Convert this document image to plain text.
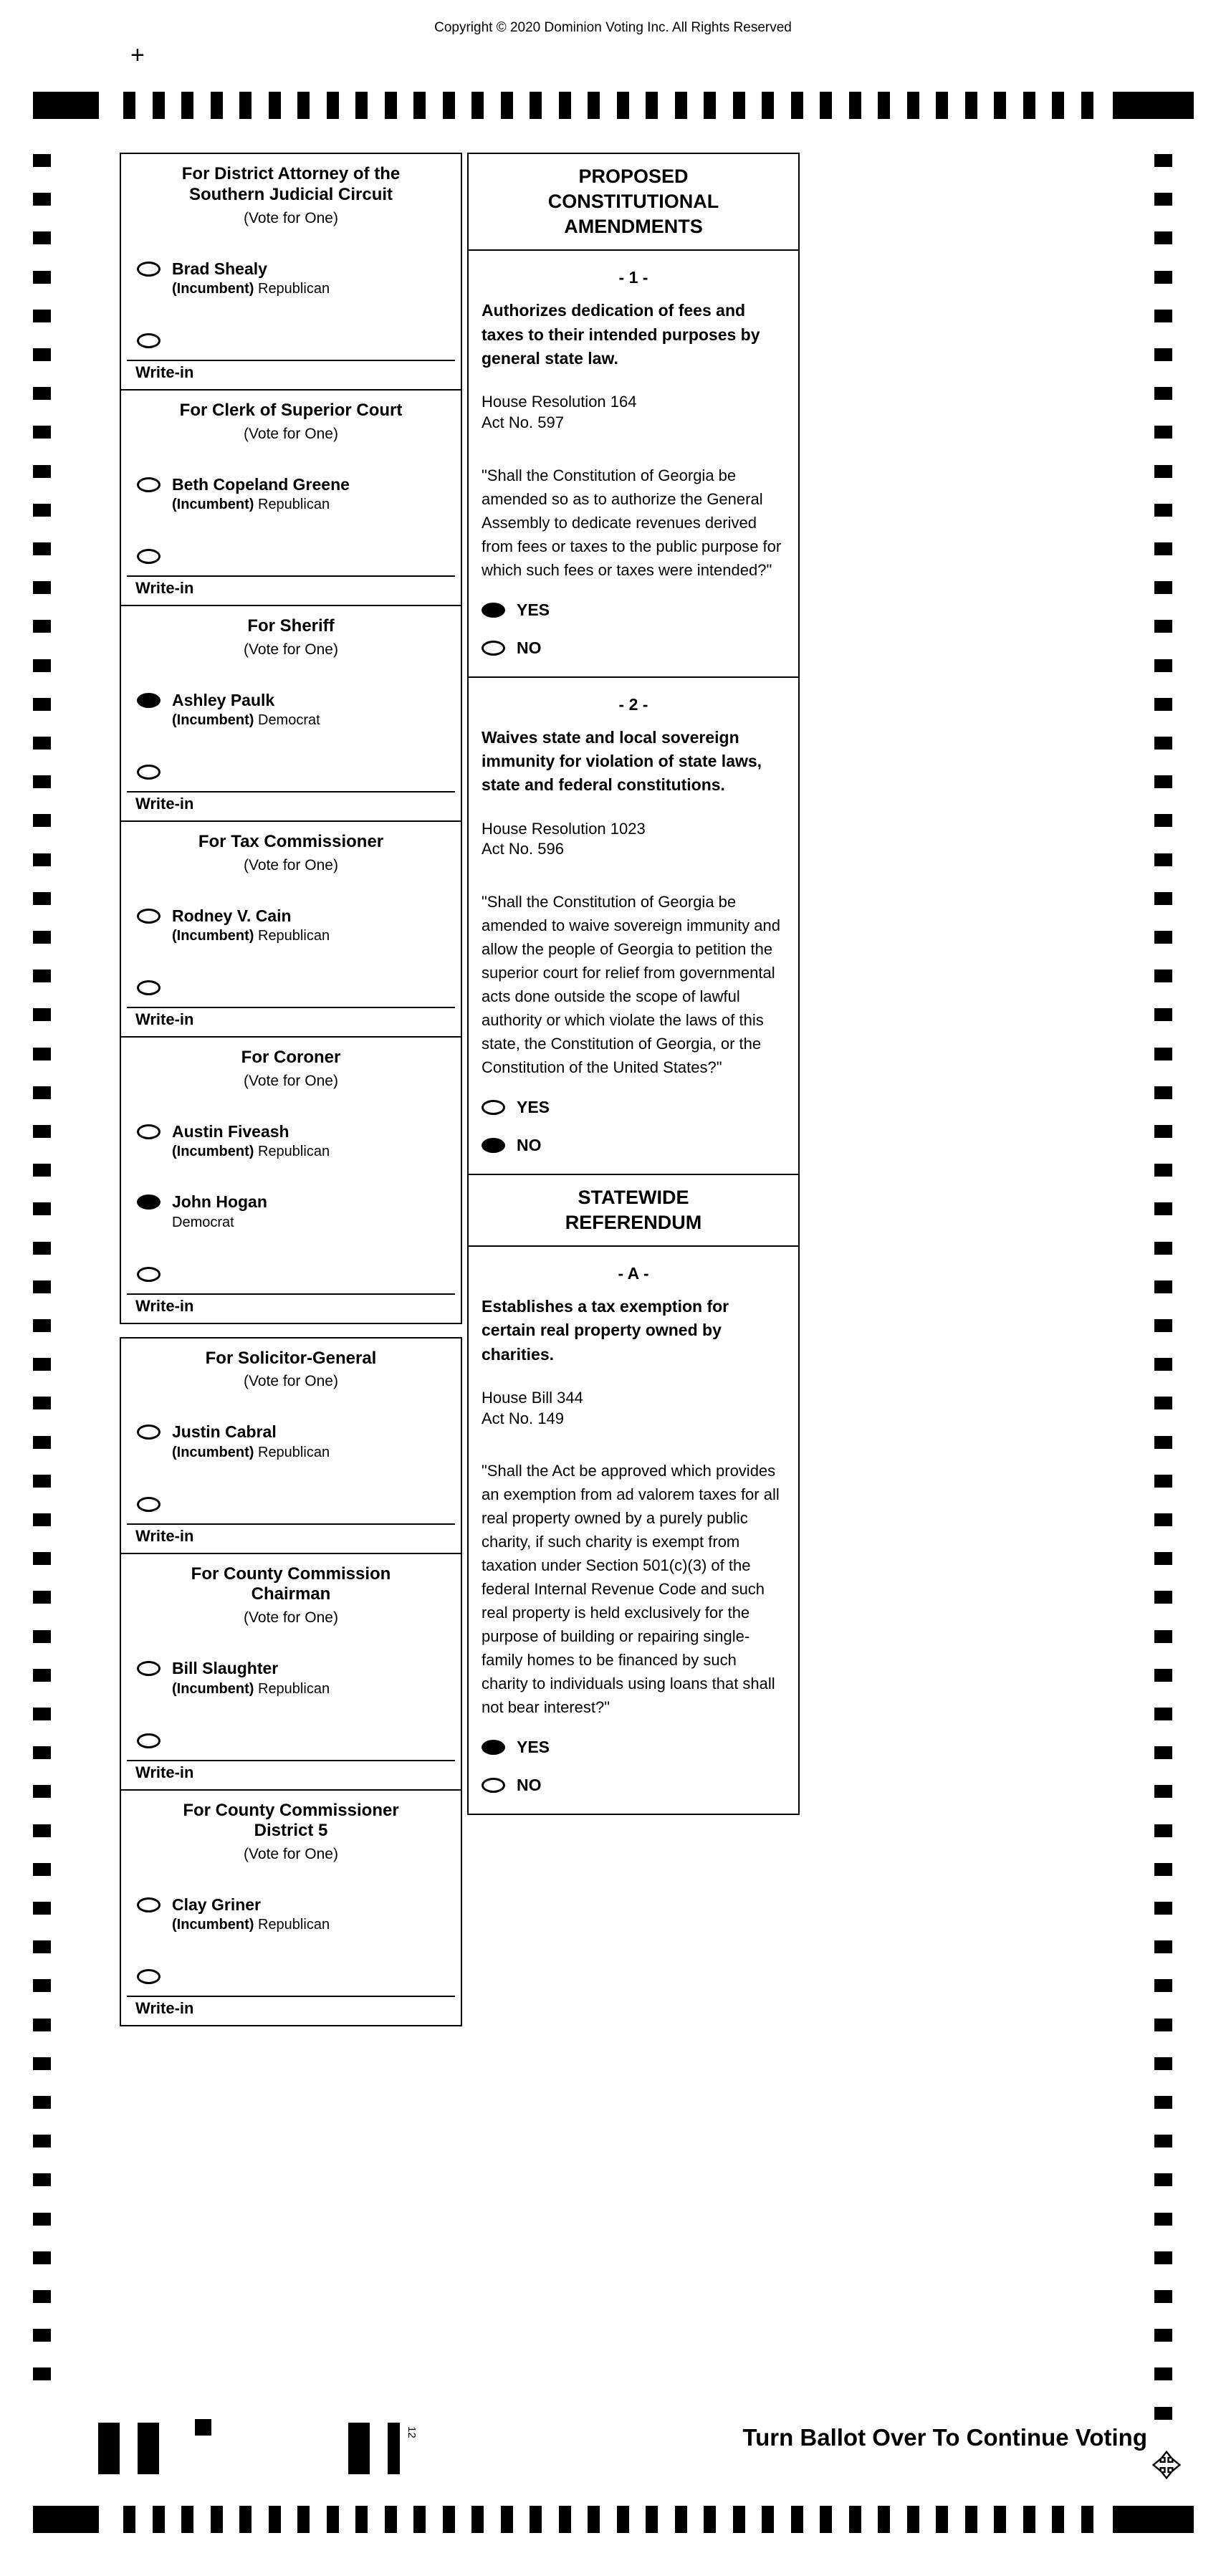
Copyright © 2020 Dominion Voting Inc. All Rights Reserved
+
For District Attorney of the
Southern Judicial Circuit
(Vote for One)
Brad Shealy
(Incumbent) Republican
Write-in
For Clerk of Superior Court
(Vote for One)
Beth Copeland Greene
(Incumbent) Republican
Write-in
For Sheriff
(Vote for One)
Ashley Paulk
(Incumbent) Democrat
Write-in
For Tax Commissioner
(Vote for One)
Rodney V. Cain
(Incumbent) Republican
Write-in
For Coroner
(Vote for One)
Austin Fiveash
(Incumbent) Republican
John Hogan
Democrat
Write-in
For Solicitor-General
(Vote for One)
Justin Cabral
(Incumbent) Republican
Write-in
For County Commission
Chairman
(Vote for One)
Bill Slaughter
(Incumbent) Republican
Write-in
For County Commissioner
District 5
(Vote for One)
Clay Griner
(Incumbent) Republican
Write-in
PROPOSED
CONSTITUTIONAL
AMENDMENTS
- 1 -
Authorizes dedication of fees and taxes to their intended purposes by general state law.
House Resolution 164
Act No. 597
"Shall the Constitution of Georgia be amended so as to authorize the General Assembly to dedicate revenues derived from fees or taxes to the public purpose for which such fees or taxes were intended?"
YES
NO
- 2 -
Waives state and local sovereign immunity for violation of state laws, state and federal constitutions.
House Resolution 1023
Act No. 596
"Shall the Constitution of Georgia be amended to waive sovereign immunity and allow the people of Georgia to petition the superior court for relief from governmental acts done outside the scope of lawful authority or which violate the laws of this state, the Constitution of Georgia, or the Constitution of the United States?"
YES
NO
STATEWIDE
REFERENDUM
- A -
Establishes a tax exemption for certain real property owned by charities.
House Bill 344
Act No. 149
"Shall the Act be approved which provides an exemption from ad valorem taxes for all real property owned by a purely public charity, if such charity is exempt from taxation under Section 501(c)(3) of the federal Internal Revenue Code and such real property is held exclusively for the purpose of building or repairing single-family homes to be financed by such charity to individuals using loans that shall not bear interest?"
YES
NO
Turn Ballot Over To Continue Voting
12
